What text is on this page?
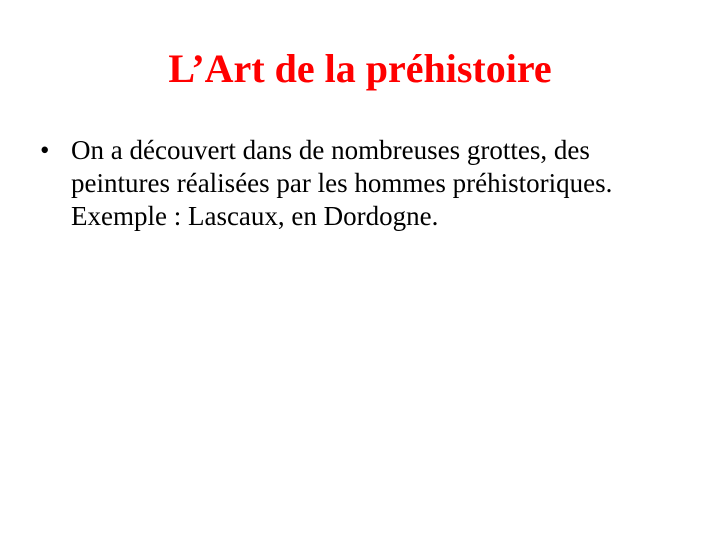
L’Art de la préhistoire
• On a découvert dans de nombreuses grottes, des peintures réalisées par les hommes préhistoriques. Exemple : Lascaux, en Dordogne.
